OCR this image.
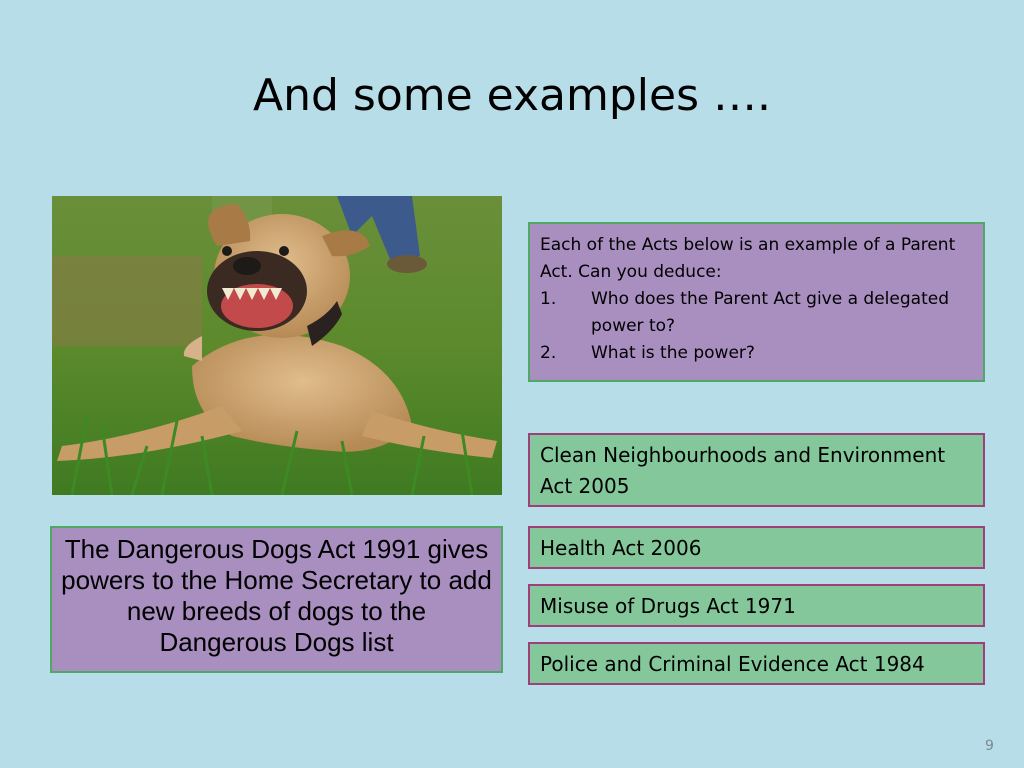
And some examples ….
Each of the Acts below is an example of a Parent Act. Can you deduce:
1.	Who does the Parent Act give a delegated power to?
2.	What is the power?
The Dangerous Dogs Act 1991 gives powers to the Home Secretary to add new breeds of dogs to the Dangerous Dogs list
Clean Neighbourhoods and Environment Act 2005
Health Act 2006
Misuse of Drugs Act 1971
Police and Criminal Evidence Act 1984
9
